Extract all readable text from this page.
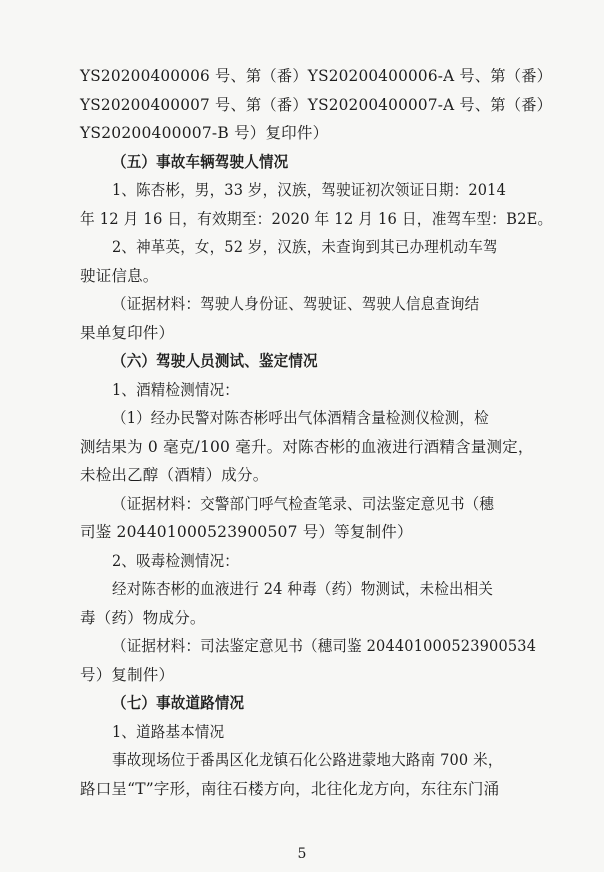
YS20200400006 号、第（番）YS20200400006-A 号、第（番）
YS20200400007 号、第（番）YS20200400007-A 号、第（番）
YS20200400007-B 号）复印件）
（五）事故车辆驾驶人情况
1、陈杏彬，男，33 岁，汉族，驾驶证初次领证日期：2014
年 12 月 16 日，有效期至：2020 年 12 月 16 日，准驾车型：B2E。
2、神革英，女，52 岁，汉族，未查询到其已办理机动车驾
驶证信息。
（证据材料：驾驶人身份证、驾驶证、驾驶人信息查询结
果单复印件）
（六）驾驶人员测试、鉴定情况
1、酒精检测情况：
（1）经办民警对陈杏彬呼出气体酒精含量检测仪检测，检
测结果为 0 毫克/100 毫升。对陈杏彬的血液进行酒精含量测定，
未检出乙醇（酒精）成分。
（证据材料：交警部门呼气检查笔录、司法鉴定意见书（穗
司鉴 204401000523900507 号）等复制件）
2、吸毒检测情况：
经对陈杏彬的血液进行 24 种毒（药）物测试，未检出相关
毒（药）物成分。
（证据材料：司法鉴定意见书（穗司鉴 204401000523900534
号）复制件）
（七）事故道路情况
1、道路基本情况
事故现场位于番禺区化龙镇石化公路进蒙地大路南 700 米，
路口呈“T”字形，南往石楼方向，北往化龙方向，东往东门涌
5
